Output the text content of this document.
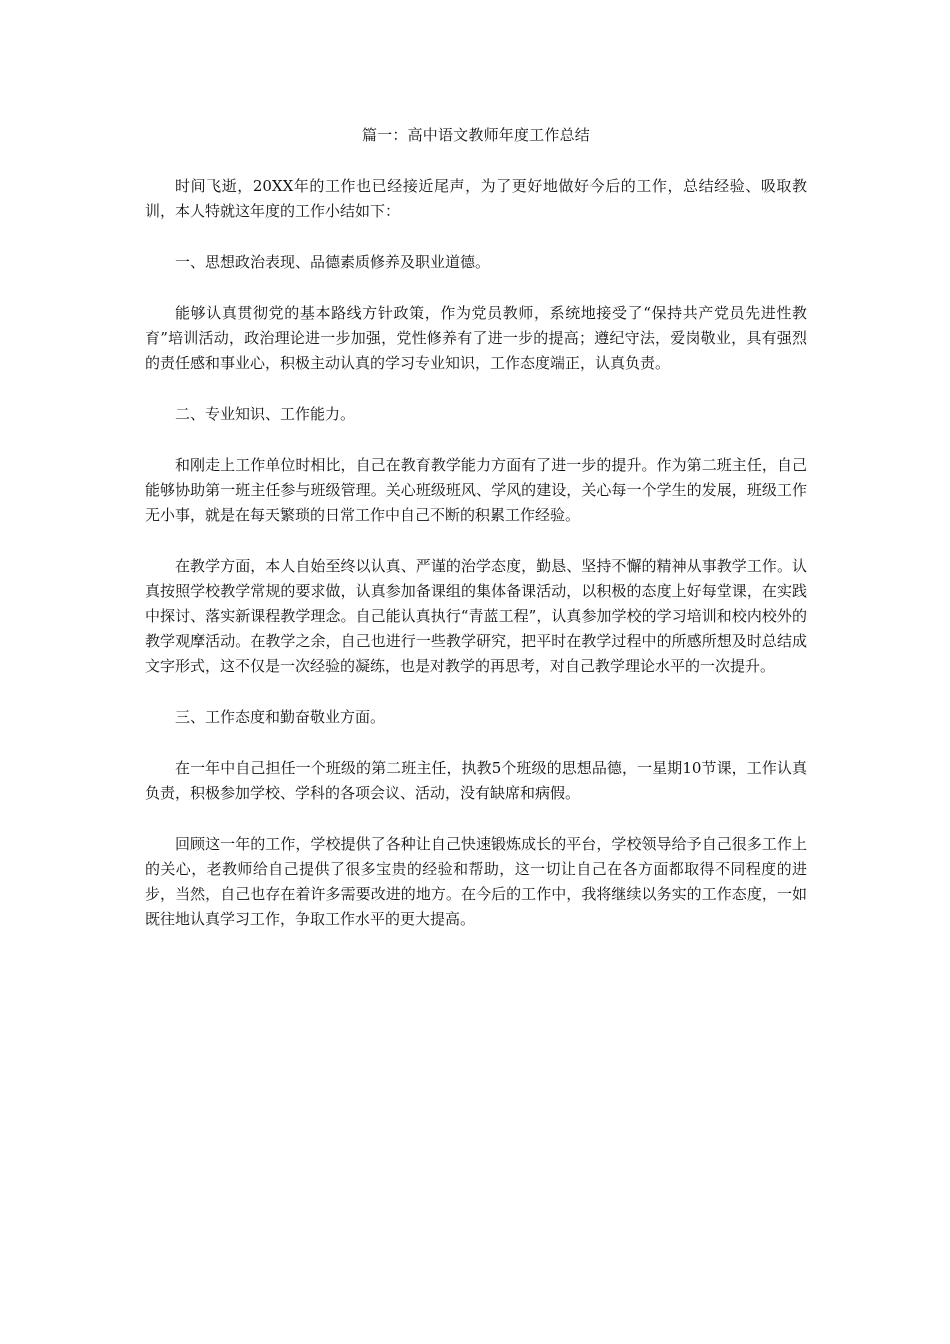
篇一：高中语文教师年度工作总结

时间飞逝，20XX年的工作也已经接近尾声，为了更好地做好今后的工作，总结经验、吸取教训，本人特就这年度的工作小结如下：

一、思想政治表现、品德素质修养及职业道德。

能够认真贯彻党的基本路线方针政策，作为党员教师，系统地接受了“保持共产党员先进性教育”培训活动，政治理论进一步加强，党性修养有了进一步的提高；遵纪守法，爱岗敬业，具有强烈的责任感和事业心，积极主动认真的学习专业知识，工作态度端正，认真负责。

二、专业知识、工作能力。

和刚走上工作单位时相比，自己在教育教学能力方面有了进一步的提升。作为第二班主任，自己能够协助第一班主任参与班级管理。关心班级班风、学风的建设，关心每一个学生的发展，班级工作无小事，就是在每天繁琐的日常工作中自己不断的积累工作经验。

在教学方面，本人自始至终以认真、严谨的治学态度，勤恳、坚持不懈的精神从事教学工作。认真按照学校教学常规的要求做，认真参加备课组的集体备课活动，以积极的态度上好每堂课，在实践中探讨、落实新课程教学理念。自己能认真执行“青蓝工程”，认真参加学校的学习培训和校内校外的教学观摩活动。在教学之余，自己也进行一些教学研究，把平时在教学过程中的所感所想及时总结成文字形式，这不仅是一次经验的凝练，也是对教学的再思考，对自己教学理论水平的一次提升。

三、工作态度和勤奋敬业方面。

在一年中自己担任一个班级的第二班主任，执教5个班级的思想品德，一星期10节课，工作认真负责，积极参加学校、学科的各项会议、活动，没有缺席和病假。

回顾这一年的工作，学校提供了各种让自己快速锻炼成长的平台，学校领导给予自己很多工作上的关心，老教师给自己提供了很多宝贵的经验和帮助，这一切让自己在各方面都取得不同程度的进步，当然，自己也存在着许多需要改进的地方。在今后的工作中，我将继续以务实的工作态度，一如既往地认真学习工作，争取工作水平的更大提高。
